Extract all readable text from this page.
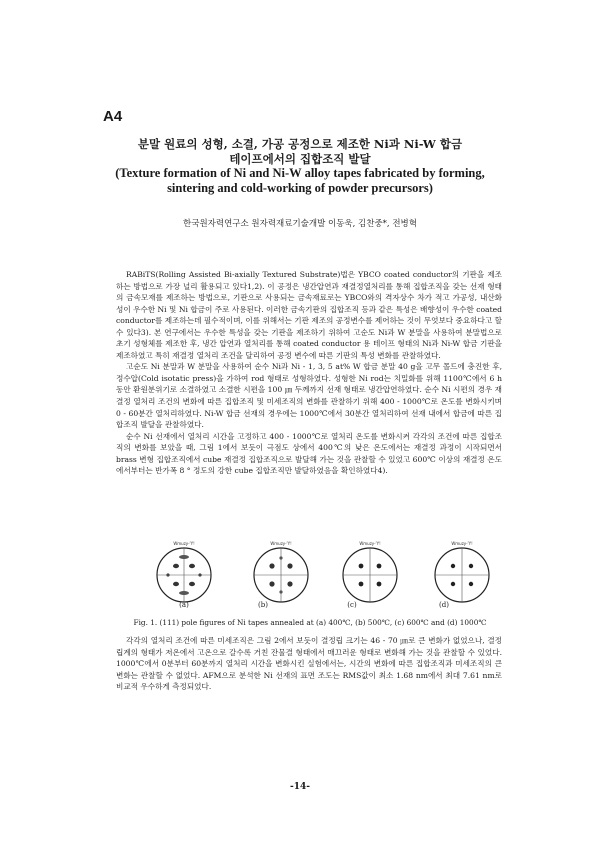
A4
분말 원료의 성형, 소결, 가공 공정으로 제조한 Ni과 Ni-W 합금
테이프에서의 집합조직 발달
(Texture formation of Ni and Ni-W alloy tapes fabricated by forming,
sintering and cold-working of powder precursors)
한국원자력연구소 원자력재료기술개발 이동욱, 김찬중*, 전병혁

RABiTS(Rolling Assisted Bi-axially Textured Substrate)법은 YBCO coated conductor의 기판을 제조하는 방법으로 가장 널리 활용되고 있다1,2). 이 공정은 냉간압연과 재결정열처리를 통해 집합조직을 갖는 선재 형태의 금속모재를 제조하는 방법으로, 기판으로 사용되는 금속재료로는 YBCO와의 격자상수 차가 적고 가공성, 내산화성이 우수한 Ni 및 Ni 합금이 주로 사용된다. 이러한 금속기판의 집합조직 등과 같은 특성은 배향성이 우수한 coated conductor를 제조하는데 필수적이며, 이를 위해서는 기판 제조의 공정변수를 제어하는 것이 무엇보다 중요하다고 할 수 있다3). 본 연구에서는 우수한 특성을 갖는 기판을 제조하기 위하여 고순도 Ni과 W 분말을 사용하여 분말법으로 초기 성형체를 제조한 후, 냉간 압연과 열처리를 통해 coated conductor 용 테이프 형태의 Ni과 Ni-W 합금 기판을 제조하였고 특히 재결정 열처리 조건을 달리하여 공정 변수에 따른 기판의 특성 변화를 관찰하였다.

고순도 Ni 분말과 W 분말을 사용하여 순수 Ni과 Ni - 1, 3, 5 at% W 합금 분말 40 g을 고무 몰드에 충진한 후, 정수압(Cold isotatic press)을 가하여 rod 형태로 성형하였다. 성형한 Ni rod는 치밀화를 위해 1100℃에서 6 h 동안 환원분위기로 소결하였고 소결한 시편을 100 ㎛ 두께까지 선재 형태로 냉간압연하였다. 순수 Ni 시편의 경우 재결정 열처리 조건의 변화에 따른 집합조직 및 미세조직의 변화를 관찰하기 위해 400 - 1000℃로 온도를 변화시키며 0 - 60분간 열처리하였다. Ni-W 합금 선재의 경우에는 1000℃에서 30분간 열처리하여 선재 내에서 합금에 따른 집합조직 발달을 관찰하였다.

순수 Ni 선재에서 열처리 시간을 고정하고 400 - 1000℃로 열처리 온도를 변화시켜 각각의 조건에 따른 집합조직의 변화를 보았을 때, 그림 1에서 보듯이 극점도 상에서 400℃의 낮은 온도에서는 재결정 과정이 시작되면서 brass 변형 집합조직에서 cube 재결정 집합조직으로 발달해 가는 것을 관찰할 수 있었고 600℃ 이상의 재결정 온도에서부터는 반가폭 8 ° 정도의 강한 cube 집합조직만 발달하였음을 확인하였다4).

Wmuzy-'Y!	Wmuzy-'Y!	Wmuzy-'Y!	Wmuzy-'Y!
(a)	(b)	(c)	(d)
Fig. 1. (111) pole figures of Ni tapes annealed at (a) 400℃, (b) 500℃, (c) 600℃ and (d) 1000℃

각각의 열처리 조건에 따른 미세조직은 그림 2에서 보듯이 결정립 크기는 46 - 70 ㎛로 큰 변화가 없었으나, 결정립계의 형태가 저온에서 고온으로 갈수록 거친 잔물결 형태에서 매끄러운 형태로 변화해 가는 것을 관찰할 수 있었다. 1000℃에서 0분부터 60분까지 열처리 시간을 변화시킨 실험에서는, 시간의 변화에 따른 집합조직과 미세조직의 큰 변화는 관찰할 수 없었다. AFM으로 분석한 Ni 선재의 표면 조도는 RMS값이 최소 1.68 nm에서 최대 7.61 nm로 비교적 우수하게 측정되었다.

-14-
